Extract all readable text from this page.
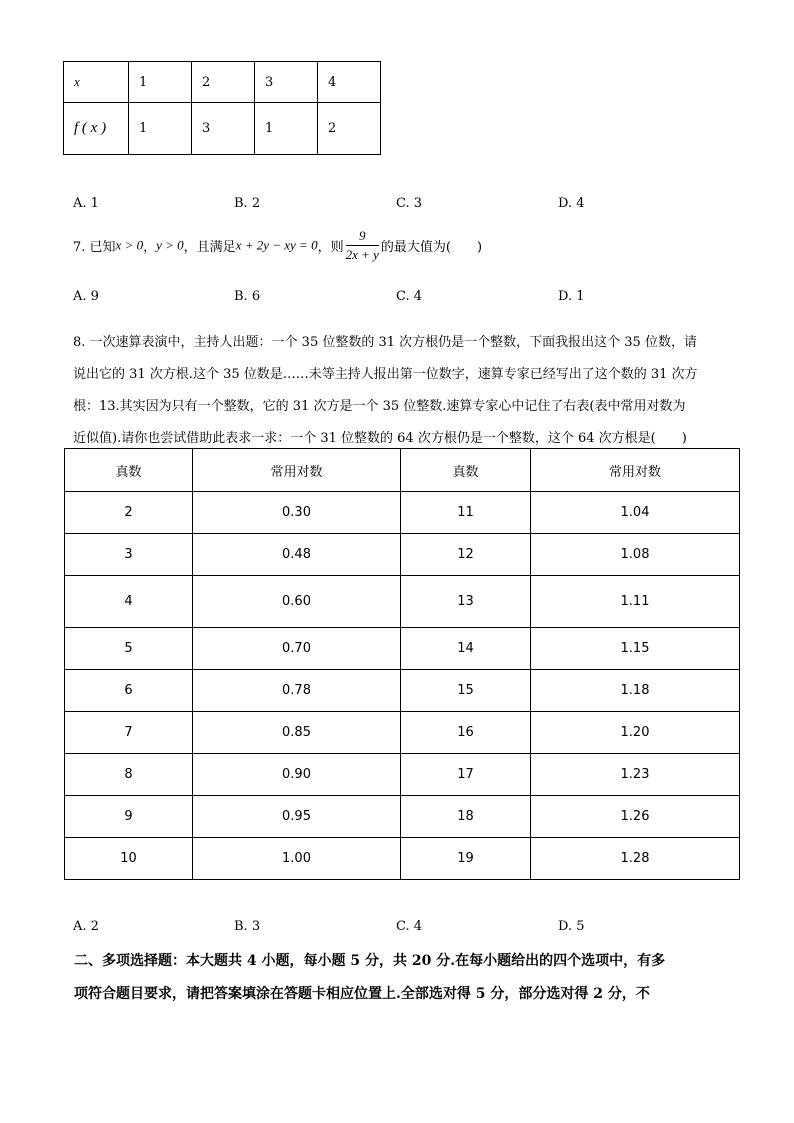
x	1	2	3	4
f ( x )	1	3	1	2
A. 1	B. 2	C. 3	D. 4
7. 已知x > 0，y > 0，且满足x + 2y − xy = 0，则 $\frac{9}{2x + y}$ 的最大值为(　　)
A. 9	B. 6	C. 4	D. 1
8. 一次速算表演中，主持人出题：一个 35 位整数的 31 次方根仍是一个整数，下面我报出这个 35 位数，请
说出它的 31 次方根.这个 35 位数是……未等主持人报出第一位数字，速算专家已经写出了这个数的 31 次方
根：13.其实因为只有一个整数，它的 31 次方是一个 35 位整数.速算专家心中记住了右表(表中常用对数为
近似值).请你也尝试借助此表求一求：一个 31 位整数的 64 次方根仍是一个整数，这个 64 次方根是(　　)
真数	常用对数	真数	常用对数
2	0.30	11	1.04
3	0.48	12	1.08
4	0.60	13	1.11
5	0.70	14	1.15
6	0.78	15	1.18
7	0.85	16	1.20
8	0.90	17	1.23
9	0.95	18	1.26
10	1.00	19	1.28
A. 2	B. 3	C. 4	D. 5
二、多项选择题：本大题共 4 小题，每小题 5 分，共 20 分.在每小题给出的四个选项中，有多
项符合题目要求，请把答案填涂在答题卡相应位置上.全部选对得 5 分，部分选对得 2 分，不
